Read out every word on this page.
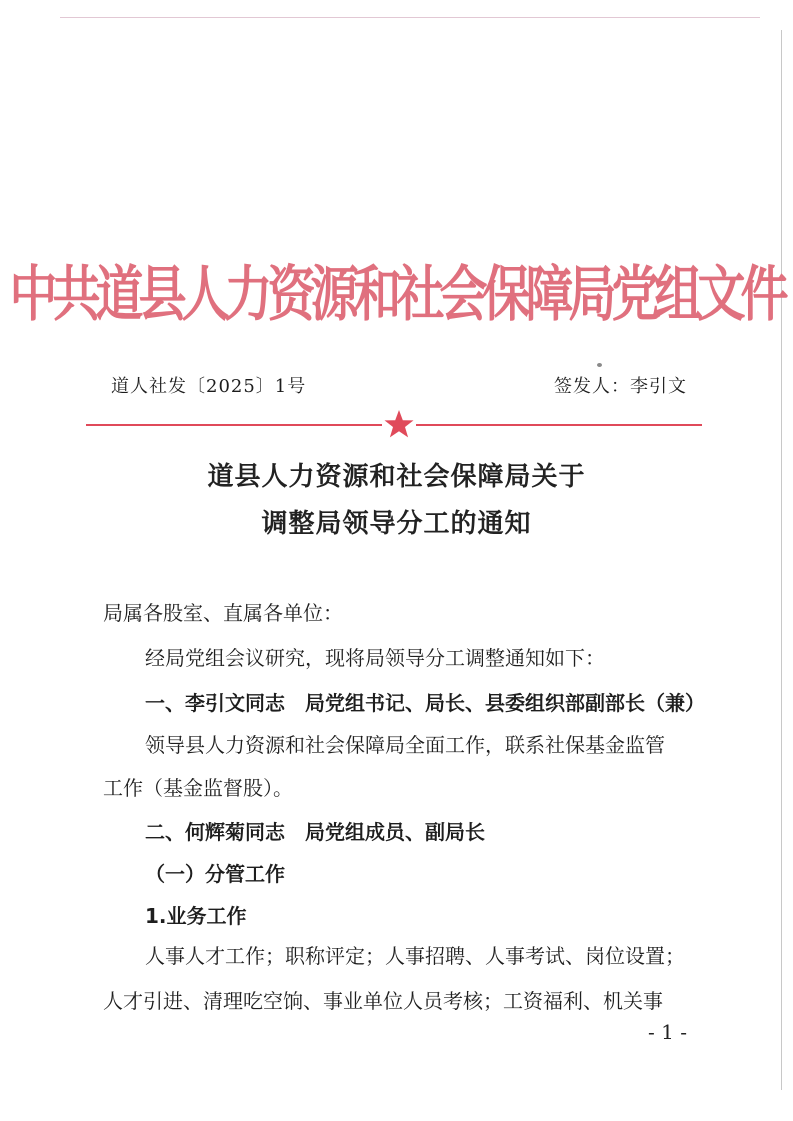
中共道县人力资源和社会保障局党组文件
道人社发〔2025〕1号	签发人：李引文
道县人力资源和社会保障局关于
调整局领导分工的通知
局属各股室、直属各单位：
经局党组会议研究，现将局领导分工调整通知如下：
一、李引文同志　局党组书记、局长、县委组织部副部长（兼）
领导县人力资源和社会保障局全面工作，联系社保基金监管
工作（基金监督股）。
二、何辉菊同志　局党组成员、副局长
（一）分管工作
1.业务工作
人事人才工作；职称评定；人事招聘、人事考试、岗位设置；
人才引进、清理吃空饷、事业单位人员考核；工资福利、机关事
- 1 -
